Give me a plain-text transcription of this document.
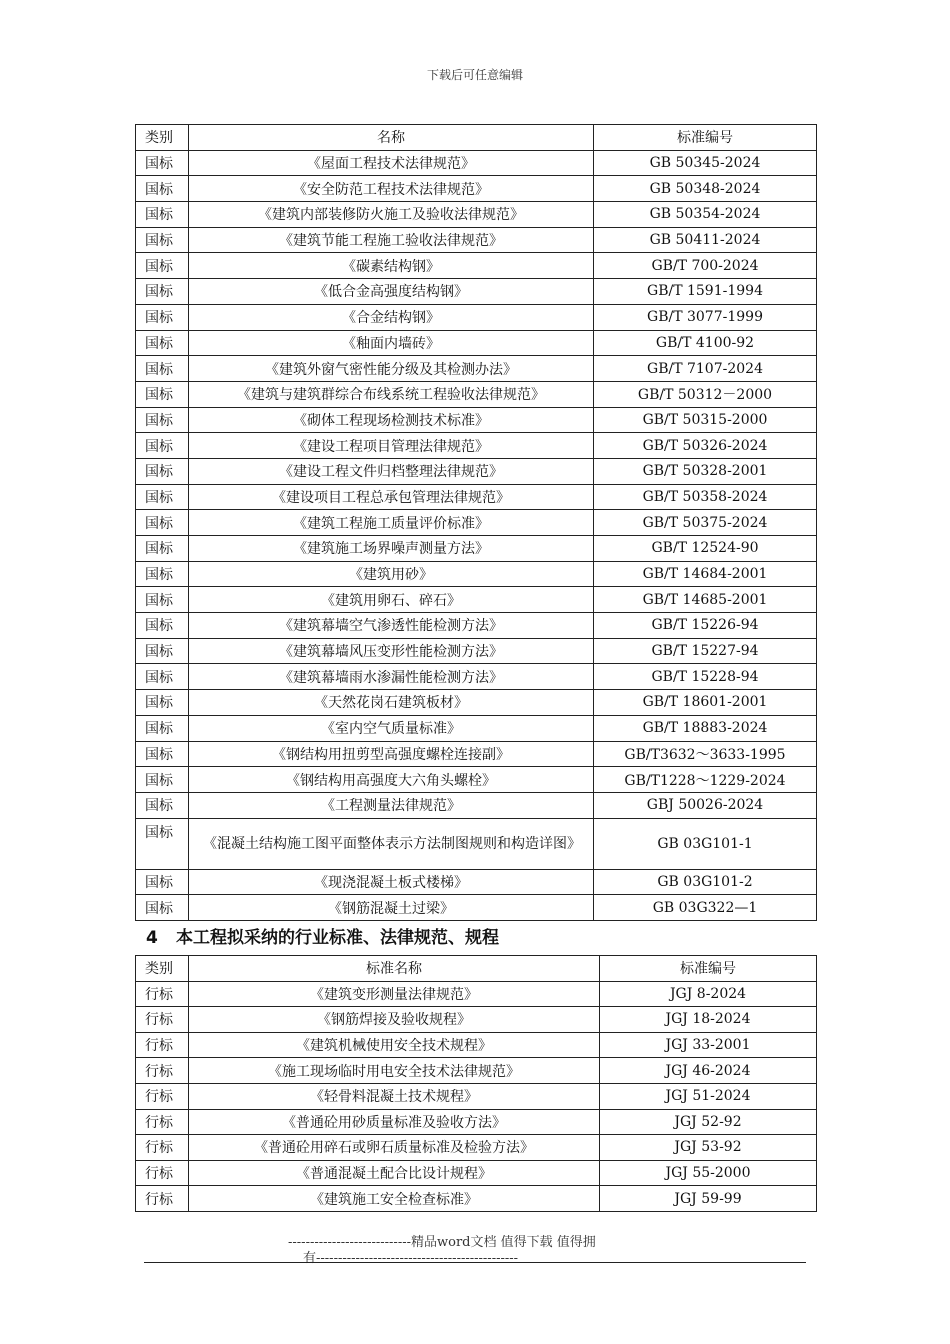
下载后可任意编辑
类别	名称	标准编号
国标	《屋面工程技术法律规范》	GB 50345-2024
国标	《安全防范工程技术法律规范》	GB 50348-2024
国标	《建筑内部装修防火施工及验收法律规范》	GB 50354-2024
国标	《建筑节能工程施工验收法律规范》	GB 50411-2024
国标	《碳素结构钢》	GB/T 700-2024
国标	《低合金高强度结构钢》	GB/T 1591-1994
国标	《合金结构钢》	GB/T 3077-1999
国标	《釉面内墙砖》	GB/T 4100-92
国标	《建筑外窗气密性能分级及其检测办法》	GB/T 7107-2024
国标	《建筑与建筑群综合布线系统工程验收法律规范》	GB/T 50312－2000
国标	《砌体工程现场检测技术标准》	GB/T 50315-2000
国标	《建设工程项目管理法律规范》	GB/T 50326-2024
国标	《建设工程文件归档整理法律规范》	GB/T 50328-2001
国标	《建设项目工程总承包管理法律规范》	GB/T 50358-2024
国标	《建筑工程施工质量评价标准》	GB/T 50375-2024
国标	《建筑施工场界噪声测量方法》	GB/T 12524-90
国标	《建筑用砂》	GB/T 14684-2001
国标	《建筑用卵石、碎石》	GB/T 14685-2001
国标	《建筑幕墙空气渗透性能检测方法》	GB/T 15226-94
国标	《建筑幕墙风压变形性能检测方法》	GB/T 15227-94
国标	《建筑幕墙雨水渗漏性能检测方法》	GB/T 15228-94
国标	《天然花岗石建筑板材》	GB/T 18601-2001
国标	《室内空气质量标准》	GB/T 18883-2024
国标	《钢结构用扭剪型高强度螺栓连接副》	GB/T3632～3633-1995
国标	《钢结构用高强度大六角头螺栓》	GB/T1228～1229-2024
国标	《工程测量法律规范》	GBJ 50026-2024
国标	《混凝土结构施工图平面整体表示方法制图规则和构造详图》	GB 03G101-1
国标	《现浇混凝土板式楼梯》	GB 03G101-2
国标	《钢筋混凝土过梁》	GB 03G322—1
4 本工程拟采纳的行业标准、法律规范、规程
类别	标准名称	标准编号
行标	《建筑变形测量法律规范》	JGJ 8-2024
行标	《钢筋焊接及验收规程》	JGJ 18-2024
行标	《建筑机械使用安全技术规程》	JGJ 33-2001
行标	《施工现场临时用电安全技术法律规范》	JGJ 46-2024
行标	《轻骨料混凝土技术规程》	JGJ 51-2024
行标	《普通砼用砂质量标准及验收方法》	JGJ 52-92
行标	《普通砼用碎石或卵石质量标准及检验方法》	JGJ 53-92
行标	《普通混凝土配合比设计规程》	JGJ 55-2000
行标	《建筑施工安全检查标准》	JGJ 59-99
----------------------------精品word文档 值得下载 值得拥
有----------------------------------------------
